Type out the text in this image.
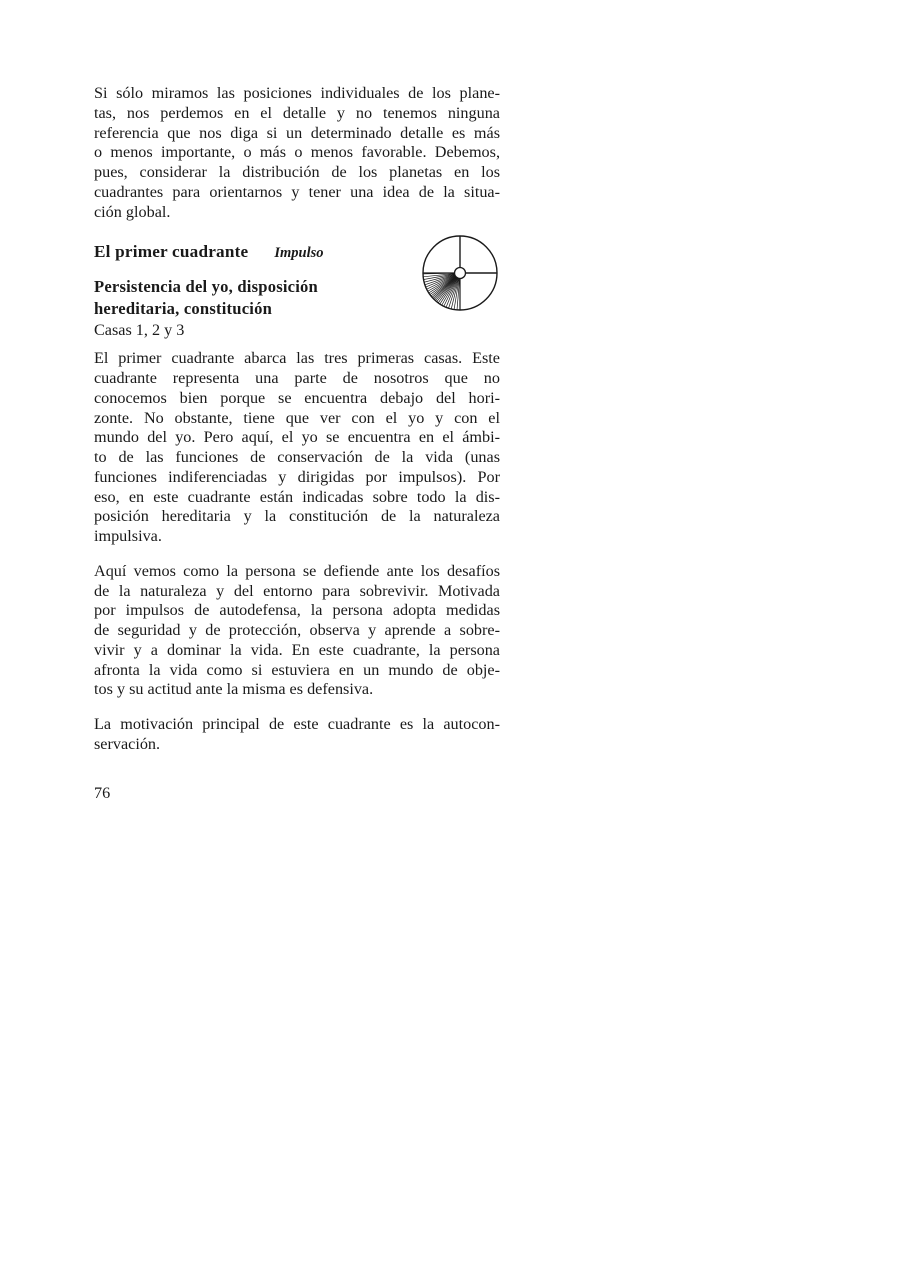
Si sólo miramos las posiciones individuales de los plane-
tas, nos perdemos en el detalle y no tenemos ninguna
referencia que nos diga si un determinado detalle es más
o menos importante, o más o menos favorable. Debemos,
pues, considerar la distribución de los planetas en los
cuadrantes para orientarnos y tener una idea de la situa-
ción global.

El primer cuadrante Impulso
Persistencia del yo, disposición
hereditaria, constitución
Casas 1, 2 y 3

El primer cuadrante abarca las tres primeras casas. Este
cuadrante representa una parte de nosotros que no
conocemos bien porque se encuentra debajo del hori-
zonte. No obstante, tiene que ver con el yo y con el
mundo del yo. Pero aquí, el yo se encuentra en el ámbi-
to de las funciones de conservación de la vida (unas
funciones indiferenciadas y dirigidas por impulsos). Por
eso, en este cuadrante están indicadas sobre todo la dis-
posición hereditaria y la constitución de la naturaleza
impulsiva.

Aquí vemos como la persona se defiende ante los desafíos
de la naturaleza y del entorno para sobrevivir. Motivada
por impulsos de autodefensa, la persona adopta medidas
de seguridad y de protección, observa y aprende a sobre-
vivir y a dominar la vida. En este cuadrante, la persona
afronta la vida como si estuviera en un mundo de obje-
tos y su actitud ante la misma es defensiva.

La motivación principal de este cuadrante es la autocon-
servación.

76
